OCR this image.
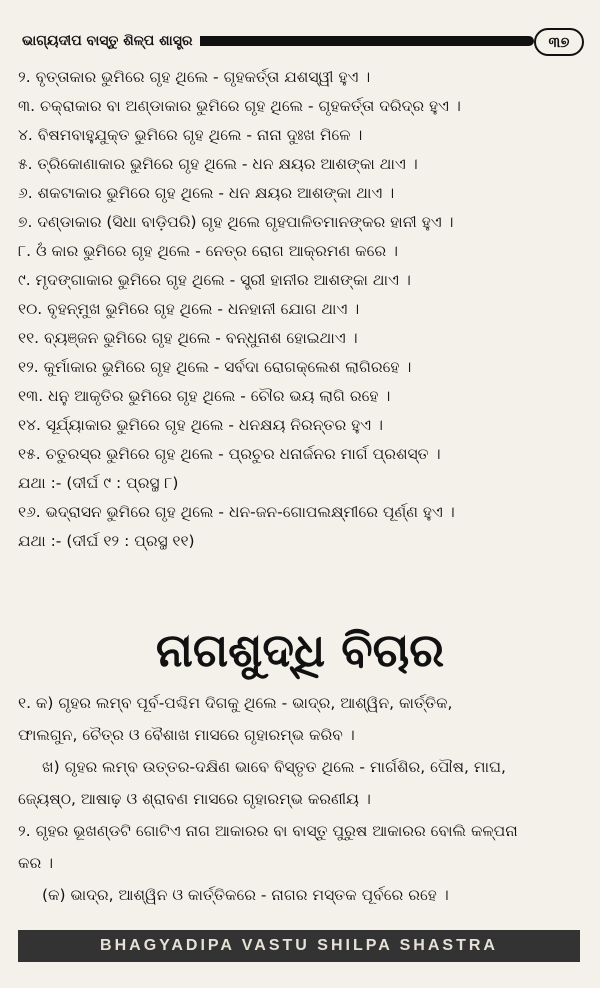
ଭାଗ୍ୟଦୀପ ବାସ୍ତୁ ଶିଳ୍ପ ଶାସ୍ତ୍ର	୩୭
୨. ବୃତ୍ତାକାର ଭୁମିରେ ଗୃହ ଥିଲେ - ଗୃହକର୍ତ୍ତା ଯଶସ୍ୱୀ ହୁଏ ।
୩. ଚକ୍ରାକାର ବା ଅଣ୍ଡାକାର ଭୁମିରେ ଗୃହ ଥିଲେ - ଗୃହକର୍ତ୍ତା ଦରିଦ୍ର ହୁଏ ।
୪. ବିଷମବାହୁଯୁକ୍ତ ଭୁମିରେ ଗୃହ ଥିଲେ - ନାନା ଦୁଃଖ ମିଳେ ।
୫. ତ୍ରିକୋଣାକାର ଭୁମିରେ ଗୃହ ଥିଲେ - ଧନ କ୍ଷୟର ଆଶଙ୍କା ଥାଏ ।
୬. ଶକଟାକାର ଭୁମିରେ ଗୃହ ଥିଲେ - ଧନ କ୍ଷୟର ଆଶଙ୍କା ଥାଏ ।
୭. ଦଣ୍ଡାକାର (ସିଧା ବାଡ଼ିପରି) ଗୃହ ଥିଲେ ଗୃହପାଳିତମାନଙ୍କର ହାନୀ ହୁଏ ।
୮. ଓଁ କାର ଭୁମିରେ ଗୃହ ଥିଲେ - ନେତ୍ର ରୋଗ ଆକ୍ରମଣ କରେ ।
୯. ମୃଦଙ୍ଗାକାର ଭୁମିରେ ଗୃହ ଥିଲେ - ସ୍ତ୍ରୀ ହାନୀର ଆଶଙ୍କା ଥାଏ ।
୧୦. ବୃହନ୍ମୁଖ ଭୁମିରେ ଗୃହ ଥିଲେ - ଧନହାନୀ ଯୋଗ ଥାଏ ।
୧୧. ବ୍ୟଞ୍ଜନ ଭୁମିରେ ଗୃହ ଥିଲେ - ବନ୍ଧୁନାଶ ହୋଇଥାଏ ।
୧୨. କୁର୍ମାକାର ଭୁମିରେ ଗୃହ ଥିଲେ - ସର୍ବଦା ରୋଗକ୍ଲେଶ ଲାଗିରହେ ।
୧୩. ଧନୁ ଆକୃତିର ଭୁମିରେ ଗୃହ ଥିଲେ - ଚୌର ଭୟ ଲାଗି ରହେ ।
୧୪. ସୂର୍ଯ୍ୟାକାର ଭୁମିରେ ଗୃହ ଥିଲେ - ଧନକ୍ଷୟ ନିରନ୍ତର ହୁଏ ।
୧୫. ଚତୁରସ୍ର ଭୁମିରେ ଗୃହ ଥିଲେ - ପ୍ରଚୁର ଧନାର୍ଜନର ମାର୍ଗ ପ୍ରଶସ୍ତ ।
ଯଥା :- (ଦୀର୍ଘ ୯ : ପ୍ରସ୍ଥ ୮)
୧୬. ଭଦ୍ରାସନ ଭୁମିରେ ଗୃହ ଥିଲେ - ଧନ-ଜନ-ଗୋପଲକ୍ଷ୍ମୀରେ ପୂର୍ଣ୍ଣ ହୁଏ ।
ଯଥା :- (ଦୀର୍ଘ ୧୨ : ପ୍ରସ୍ଥ ୧୧)
ନାଗଶୁଦ୍ଧି ବିଚାର
୧. କ) ଗୃହର ଲମ୍ବ ପୂର୍ବ-ପଶ୍ଚିମ ଦିଗକୁ ଥିଲେ - ଭାଦ୍ର, ଆଶ୍ୱିନ, କାର୍ତ୍ତିକ,
ଫାଲଗୁନ, ଚୈତ୍ର ଓ ବୈଶାଖ ମାସରେ ଗୃହାରମ୍ଭ କରିବ ।
ଖ) ଗୃହର ଲମ୍ବ ଉତ୍ତର-ଦକ୍ଷିଣ ଭାବେ ବିସ୍ତୃତ ଥିଲେ - ମାର୍ଗଶିର, ପୌଷ, ମାଘ,
ଜ୍ୟେଷ୍ଠ, ଆଷାଢ଼ ଓ ଶ୍ରାବଣ ମାସରେ ଗୃହାରମ୍ଭ କରଣୀୟ ।
୨. ଗୃହର ଭୂଖଣ୍ଡଟି ଗୋଟିଏ ନାଗ ଆକାରର ବା ବାସ୍ତୁ ପୁରୁଷ ଆକାରର ବୋଲି କଳ୍ପନା
କର ।
(କ) ଭାଦ୍ର, ଆଶ୍ୱିନ ଓ କାର୍ତ୍ତିକରେ - ନାଗର ମସ୍ତକ ପୂର୍ବରେ ରହେ ।
BHAGYADIPA VASTU SHILPA SHASTRA
